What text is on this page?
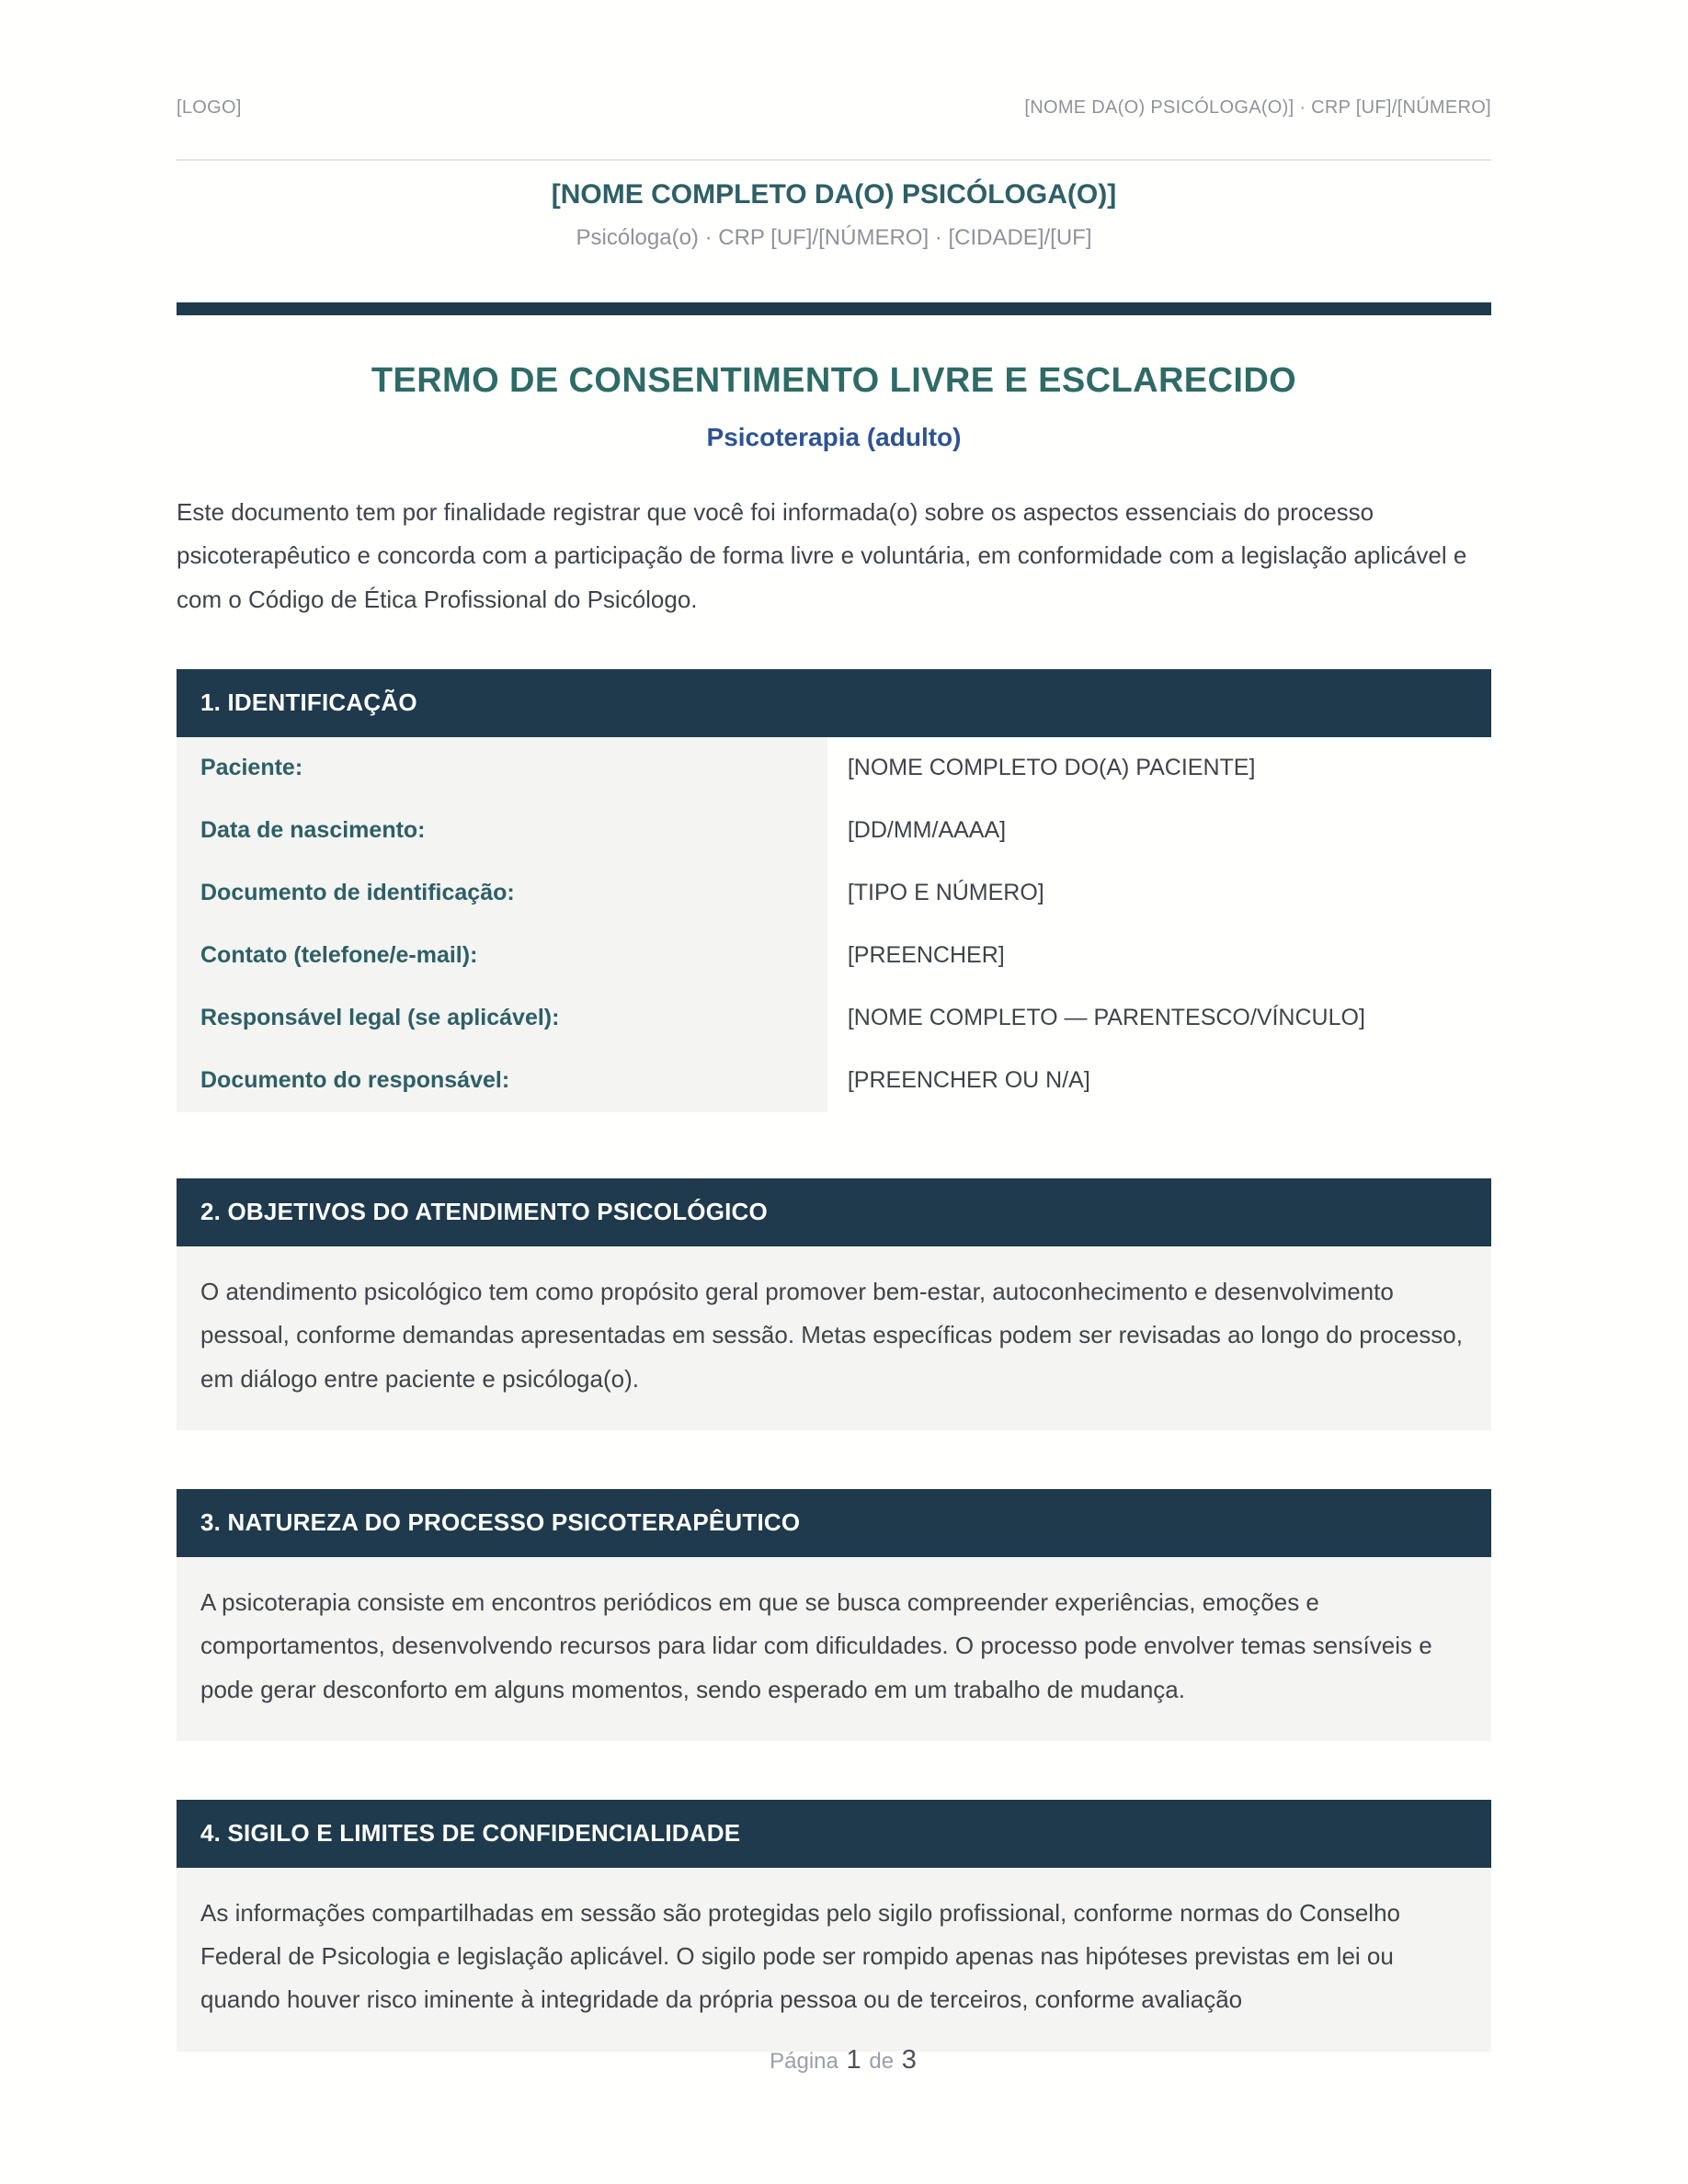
[LOGO]	[NOME DA(O) PSICÓLOGA(O)] · CRP [UF]/[NÚMERO]
[NOME COMPLETO DA(O) PSICÓLOGA(O)]
Psicóloga(o) · CRP [UF]/[NÚMERO] · [CIDADE]/[UF]
TERMO DE CONSENTIMENTO LIVRE E ESCLARECIDO
Psicoterapia (adulto)

Este documento tem por finalidade registrar que você foi informada(o) sobre os aspectos essenciais do processo psicoterapêutico e concorda com a participação de forma livre e voluntária, em conformidade com a legislação aplicável e com o Código de Ética Profissional do Psicólogo.

1. IDENTIFICAÇÃO
Paciente:	[NOME COMPLETO DO(A) PACIENTE]
Data de nascimento:	[DD/MM/AAAA]
Documento de identificação:	[TIPO E NÚMERO]
Contato (telefone/e-mail):	[PREENCHER]
Responsável legal (se aplicável):	[NOME COMPLETO — PARENTESCO/VÍNCULO]
Documento do responsável:	[PREENCHER OU N/A]
2. OBJETIVOS DO ATENDIMENTO PSICOLÓGICO
O atendimento psicológico tem como propósito geral promover bem-estar, autoconhecimento e desenvolvimento pessoal, conforme demandas apresentadas em sessão. Metas específicas podem ser revisadas ao longo do processo, em diálogo entre paciente e psicóloga(o).
3. NATUREZA DO PROCESSO PSICOTERAPÊUTICO
A psicoterapia consiste em encontros periódicos em que se busca compreender experiências, emoções e comportamentos, desenvolvendo recursos para lidar com dificuldades. O processo pode envolver temas sensíveis e pode gerar desconforto em alguns momentos, sendo esperado em um trabalho de mudança.
4. SIGILO E LIMITES DE CONFIDENCIALIDADE
As informações compartilhadas em sessão são protegidas pelo sigilo profissional, conforme normas do Conselho Federal de Psicologia e legislação aplicável. O sigilo pode ser rompido apenas nas hipóteses previstas em lei ou quando houver risco iminente à integridade da própria pessoa ou de terceiros, conforme avaliação
Página 1 de 3
